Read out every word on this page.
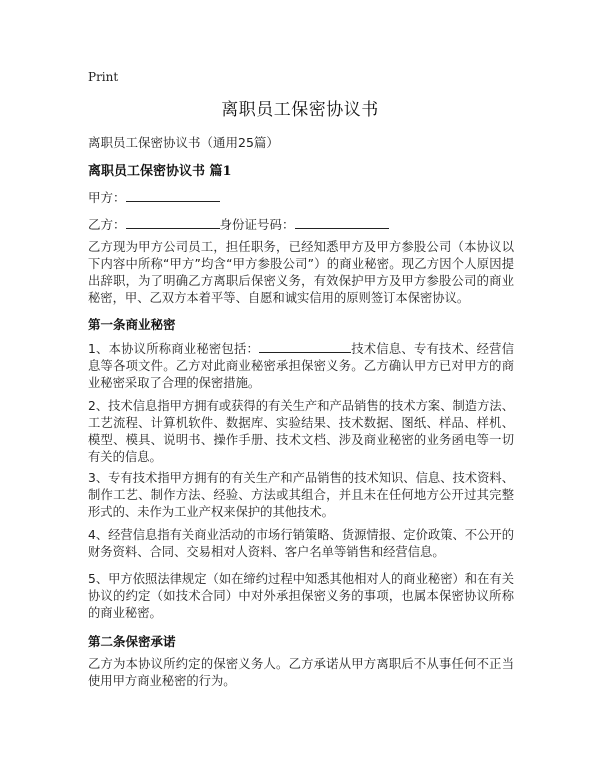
Print
离职员工保密协议书
离职员工保密协议书（通用25篇）
离职员工保密协议书 篇1
甲方：
乙方：	身份证号码：

乙方现为甲方公司员工，担任职务，已经知悉甲方及甲方参股公司（本协议以下内容中所称“甲方”均含“甲方参股公司”）的商业秘密。现乙方因个人原因提出辞职，为了明确乙方离职后保密义务，有效保护甲方及甲方参股公司的商业秘密，甲、乙双方本着平等、自愿和诚实信用的原则签订本保密协议。

第一条商业秘密

1、本协议所称商业秘密包括：	技术信息、专有技术、经营信息等各项文件。乙方对此商业秘密承担保密义务。乙方确认甲方已对甲方的商业秘密采取了合理的保密措施。

2、技术信息指甲方拥有或获得的有关生产和产品销售的技术方案、制造方法、工艺流程、计算机软件、数据库、实验结果、技术数据、图纸、样品、样机、模型、模具、说明书、操作手册、技术文档、涉及商业秘密的业务函电等一切有关的信息。

3、专有技术指甲方拥有的有关生产和产品销售的技术知识、信息、技术资料、制作工艺、制作方法、经验、方法或其组合，并且未在任何地方公开过其完整形式的、未作为工业产权来保护的其他技术。

4、经营信息指有关商业活动的市场行销策略、货源情报、定价政策、不公开的财务资料、合同、交易相对人资料、客户名单等销售和经营信息。

5、甲方依照法律规定（如在缔约过程中知悉其他相对人的商业秘密）和在有关协议的约定（如技术合同）中对外承担保密义务的事项，也属本保密协议所称的商业秘密。

第二条保密承诺

乙方为本协议所约定的保密义务人。乙方承诺从甲方离职后不从事任何不正当使用甲方商业秘密的行为。
